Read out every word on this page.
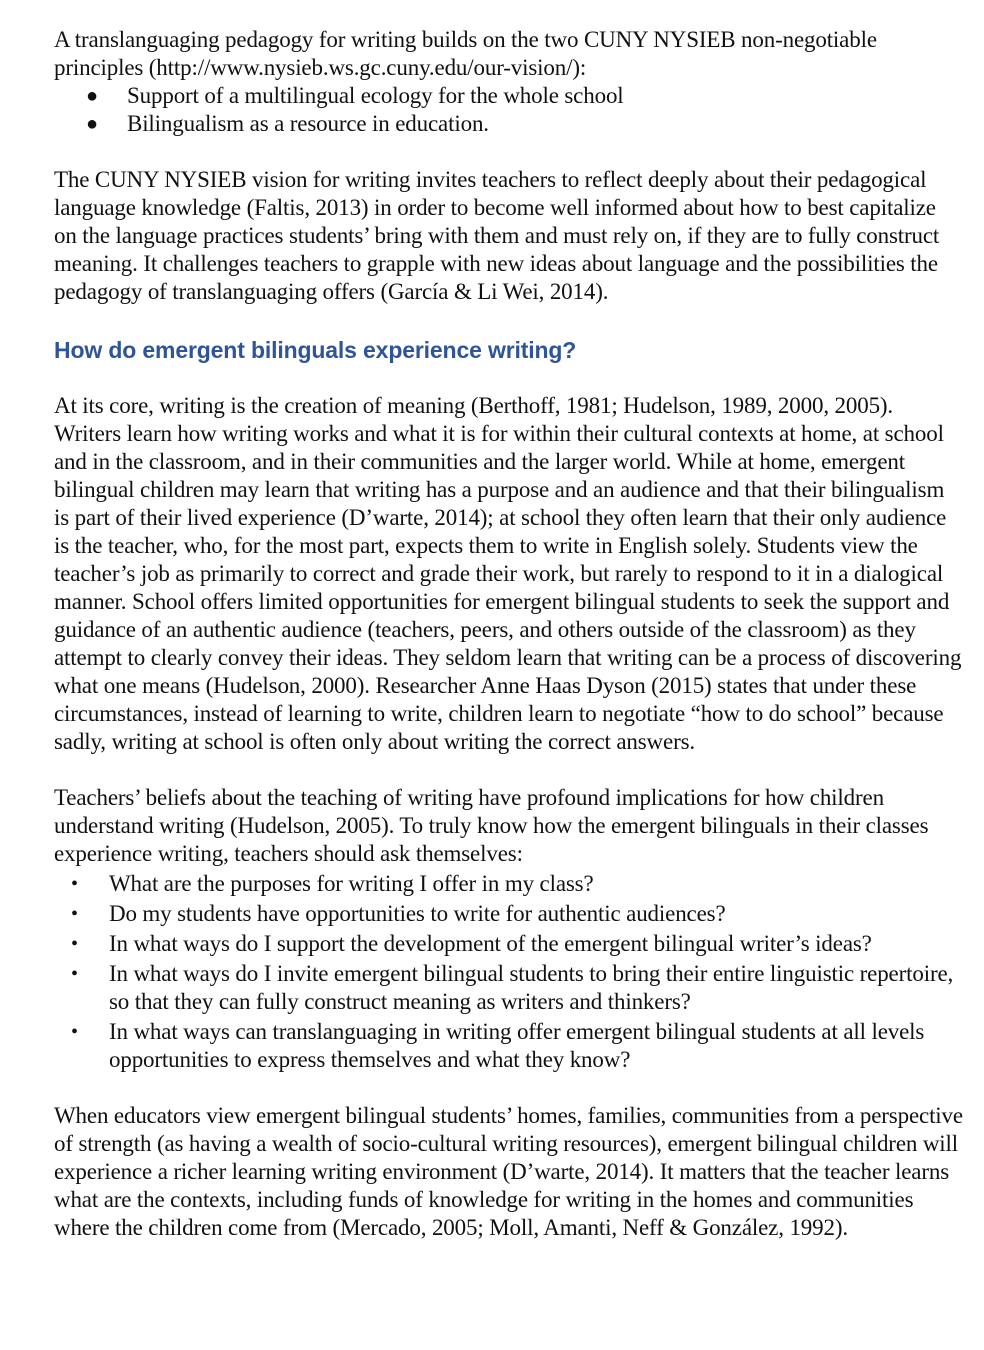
A translanguaging pedagogy for writing builds on the two CUNY NYSIEB non-negotiable principles (http://www.nysieb.ws.gc.cuny.edu/our-vision/):

● Support of a multilingual ecology for the whole school
● Bilingualism as a resource in education.

The CUNY NYSIEB vision for writing invites teachers to reflect deeply about their pedagogical language knowledge (Faltis, 2013) in order to become well informed about how to best capitalize on the language practices students’ bring with them and must rely on, if they are to fully construct meaning. It challenges teachers to grapple with new ideas about language and the possibilities the pedagogy of translanguaging offers (García & Li Wei, 2014).

How do emergent bilinguals experience writing?

At its core, writing is the creation of meaning (Berthoff, 1981; Hudelson, 1989, 2000, 2005). Writers learn how writing works and what it is for within their cultural contexts at home, at school and in the classroom, and in their communities and the larger world. While at home, emergent bilingual children may learn that writing has a purpose and an audience and that their bilingualism is part of their lived experience (D’warte, 2014); at school they often learn that their only audience is the teacher, who, for the most part, expects them to write in English solely. Students view the teacher’s job as primarily to correct and grade their work, but rarely to respond to it in a dialogical manner. School offers limited opportunities for emergent bilingual students to seek the support and guidance of an authentic audience (teachers, peers, and others outside of the classroom) as they attempt to clearly convey their ideas. They seldom learn that writing can be a process of discovering what one means (Hudelson, 2000). Researcher Anne Haas Dyson (2015) states that under these circumstances, instead of learning to write, children learn to negotiate “how to do school” because sadly, writing at school is often only about writing the correct answers.

Teachers’ beliefs about the teaching of writing have profound implications for how children understand writing (Hudelson, 2005). To truly know how the emergent bilinguals in their classes experience writing, teachers should ask themselves:

• What are the purposes for writing I offer in my class?
• Do my students have opportunities to write for authentic audiences?
• In what ways do I support the development of the emergent bilingual writer’s ideas?
• In what ways do I invite emergent bilingual students to bring their entire linguistic repertoire, so that they can fully construct meaning as writers and thinkers?
• In what ways can translanguaging in writing offer emergent bilingual students at all levels opportunities to express themselves and what they know?

When educators view emergent bilingual students’ homes, families, communities from a perspective of strength (as having a wealth of socio-cultural writing resources), emergent bilingual children will experience a richer learning writing environment (D’warte, 2014). It matters that the teacher learns what are the contexts, including funds of knowledge for writing in the homes and communities where the children come from (Mercado, 2005; Moll, Amanti, Neff & González, 1992).
